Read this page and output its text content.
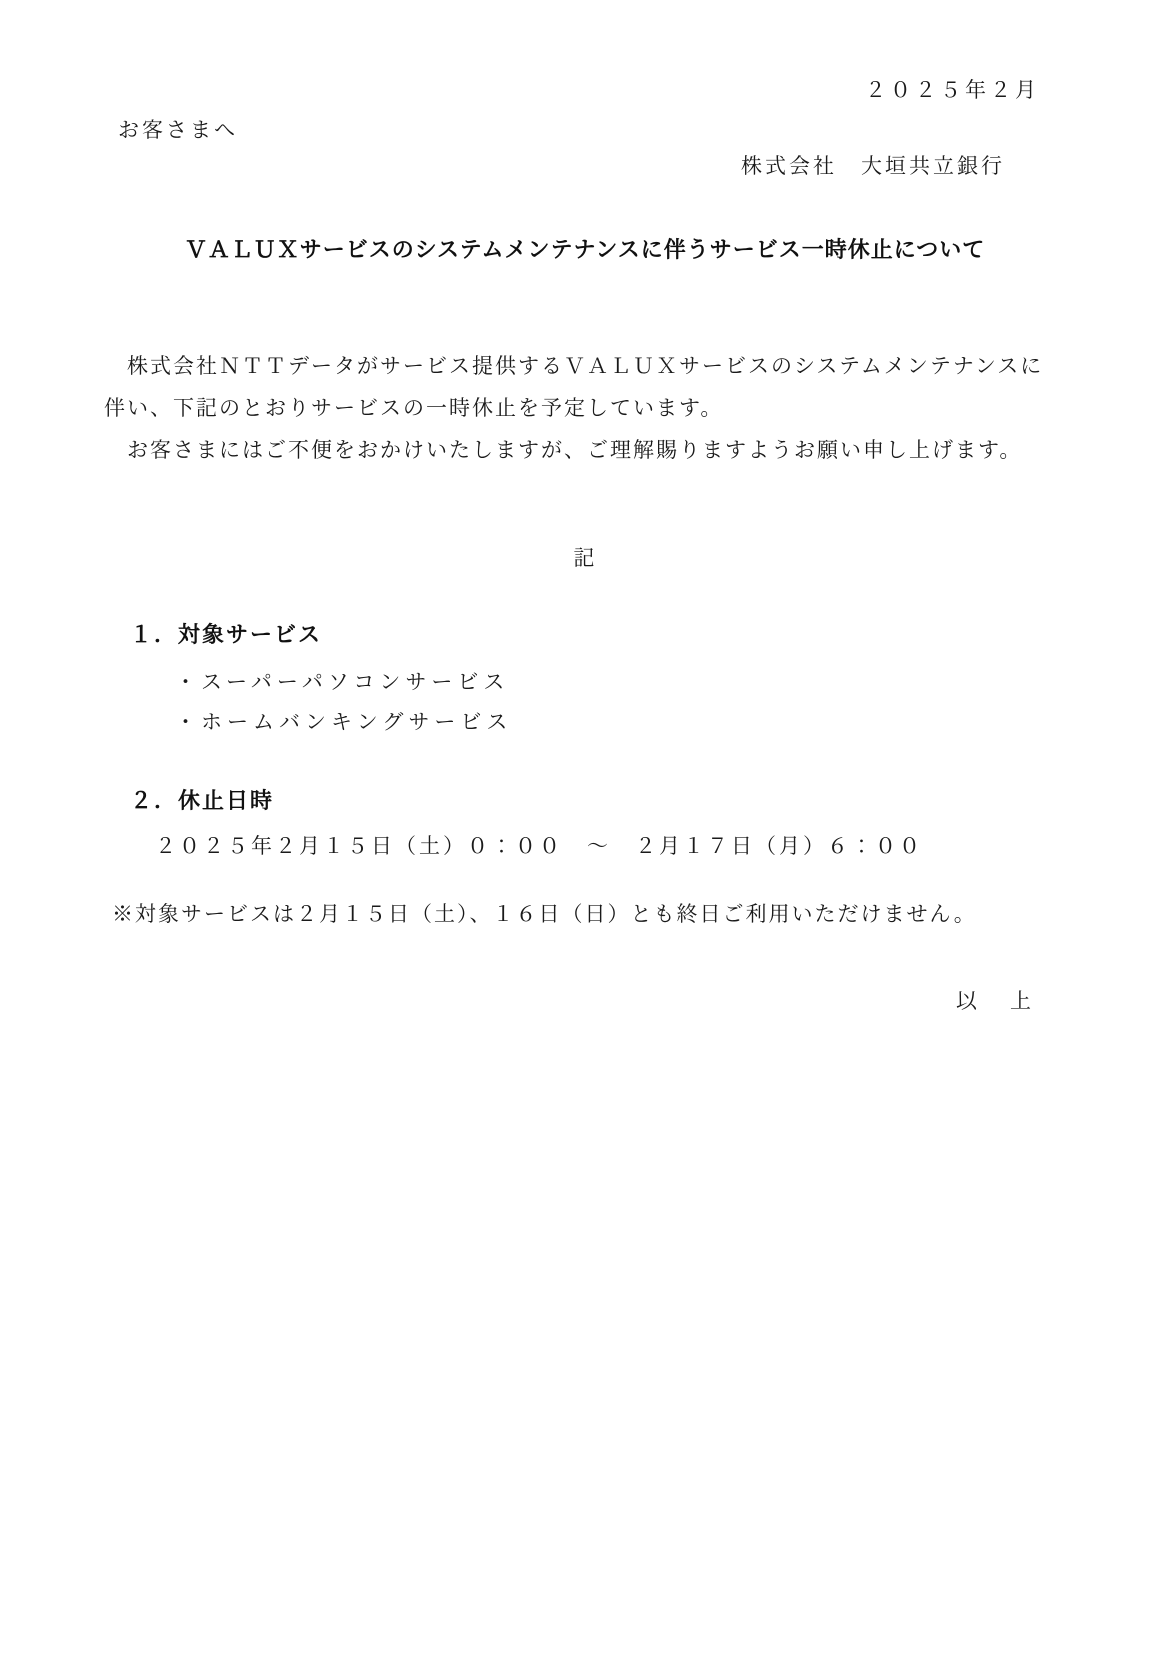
２０２５年２月
お客さまへ
株式会社　大垣共立銀行
ＶＡＬＵＸサービスのシステムメンテナンスに伴うサービス一時休止について

　株式会社ＮＴＴデータがサービス提供するＶＡＬＵＸサービスのシステムメンテナンスに伴い、下記のとおりサービスの一時休止を予定しています。

　お客さまにはご不便をおかけいたしますが、ご理解賜りますようお願い申し上げます。

記
１．対象サービス
・スーパーパソコンサービス
・ホームバンキングサービス
２．休止日時
２０２５年２月１５日（土）０：００　～　２月１７日（月）６：００

※対象サービスは２月１５日（土）、１６日（日）とも終日ご利用いただけません。

以　上
